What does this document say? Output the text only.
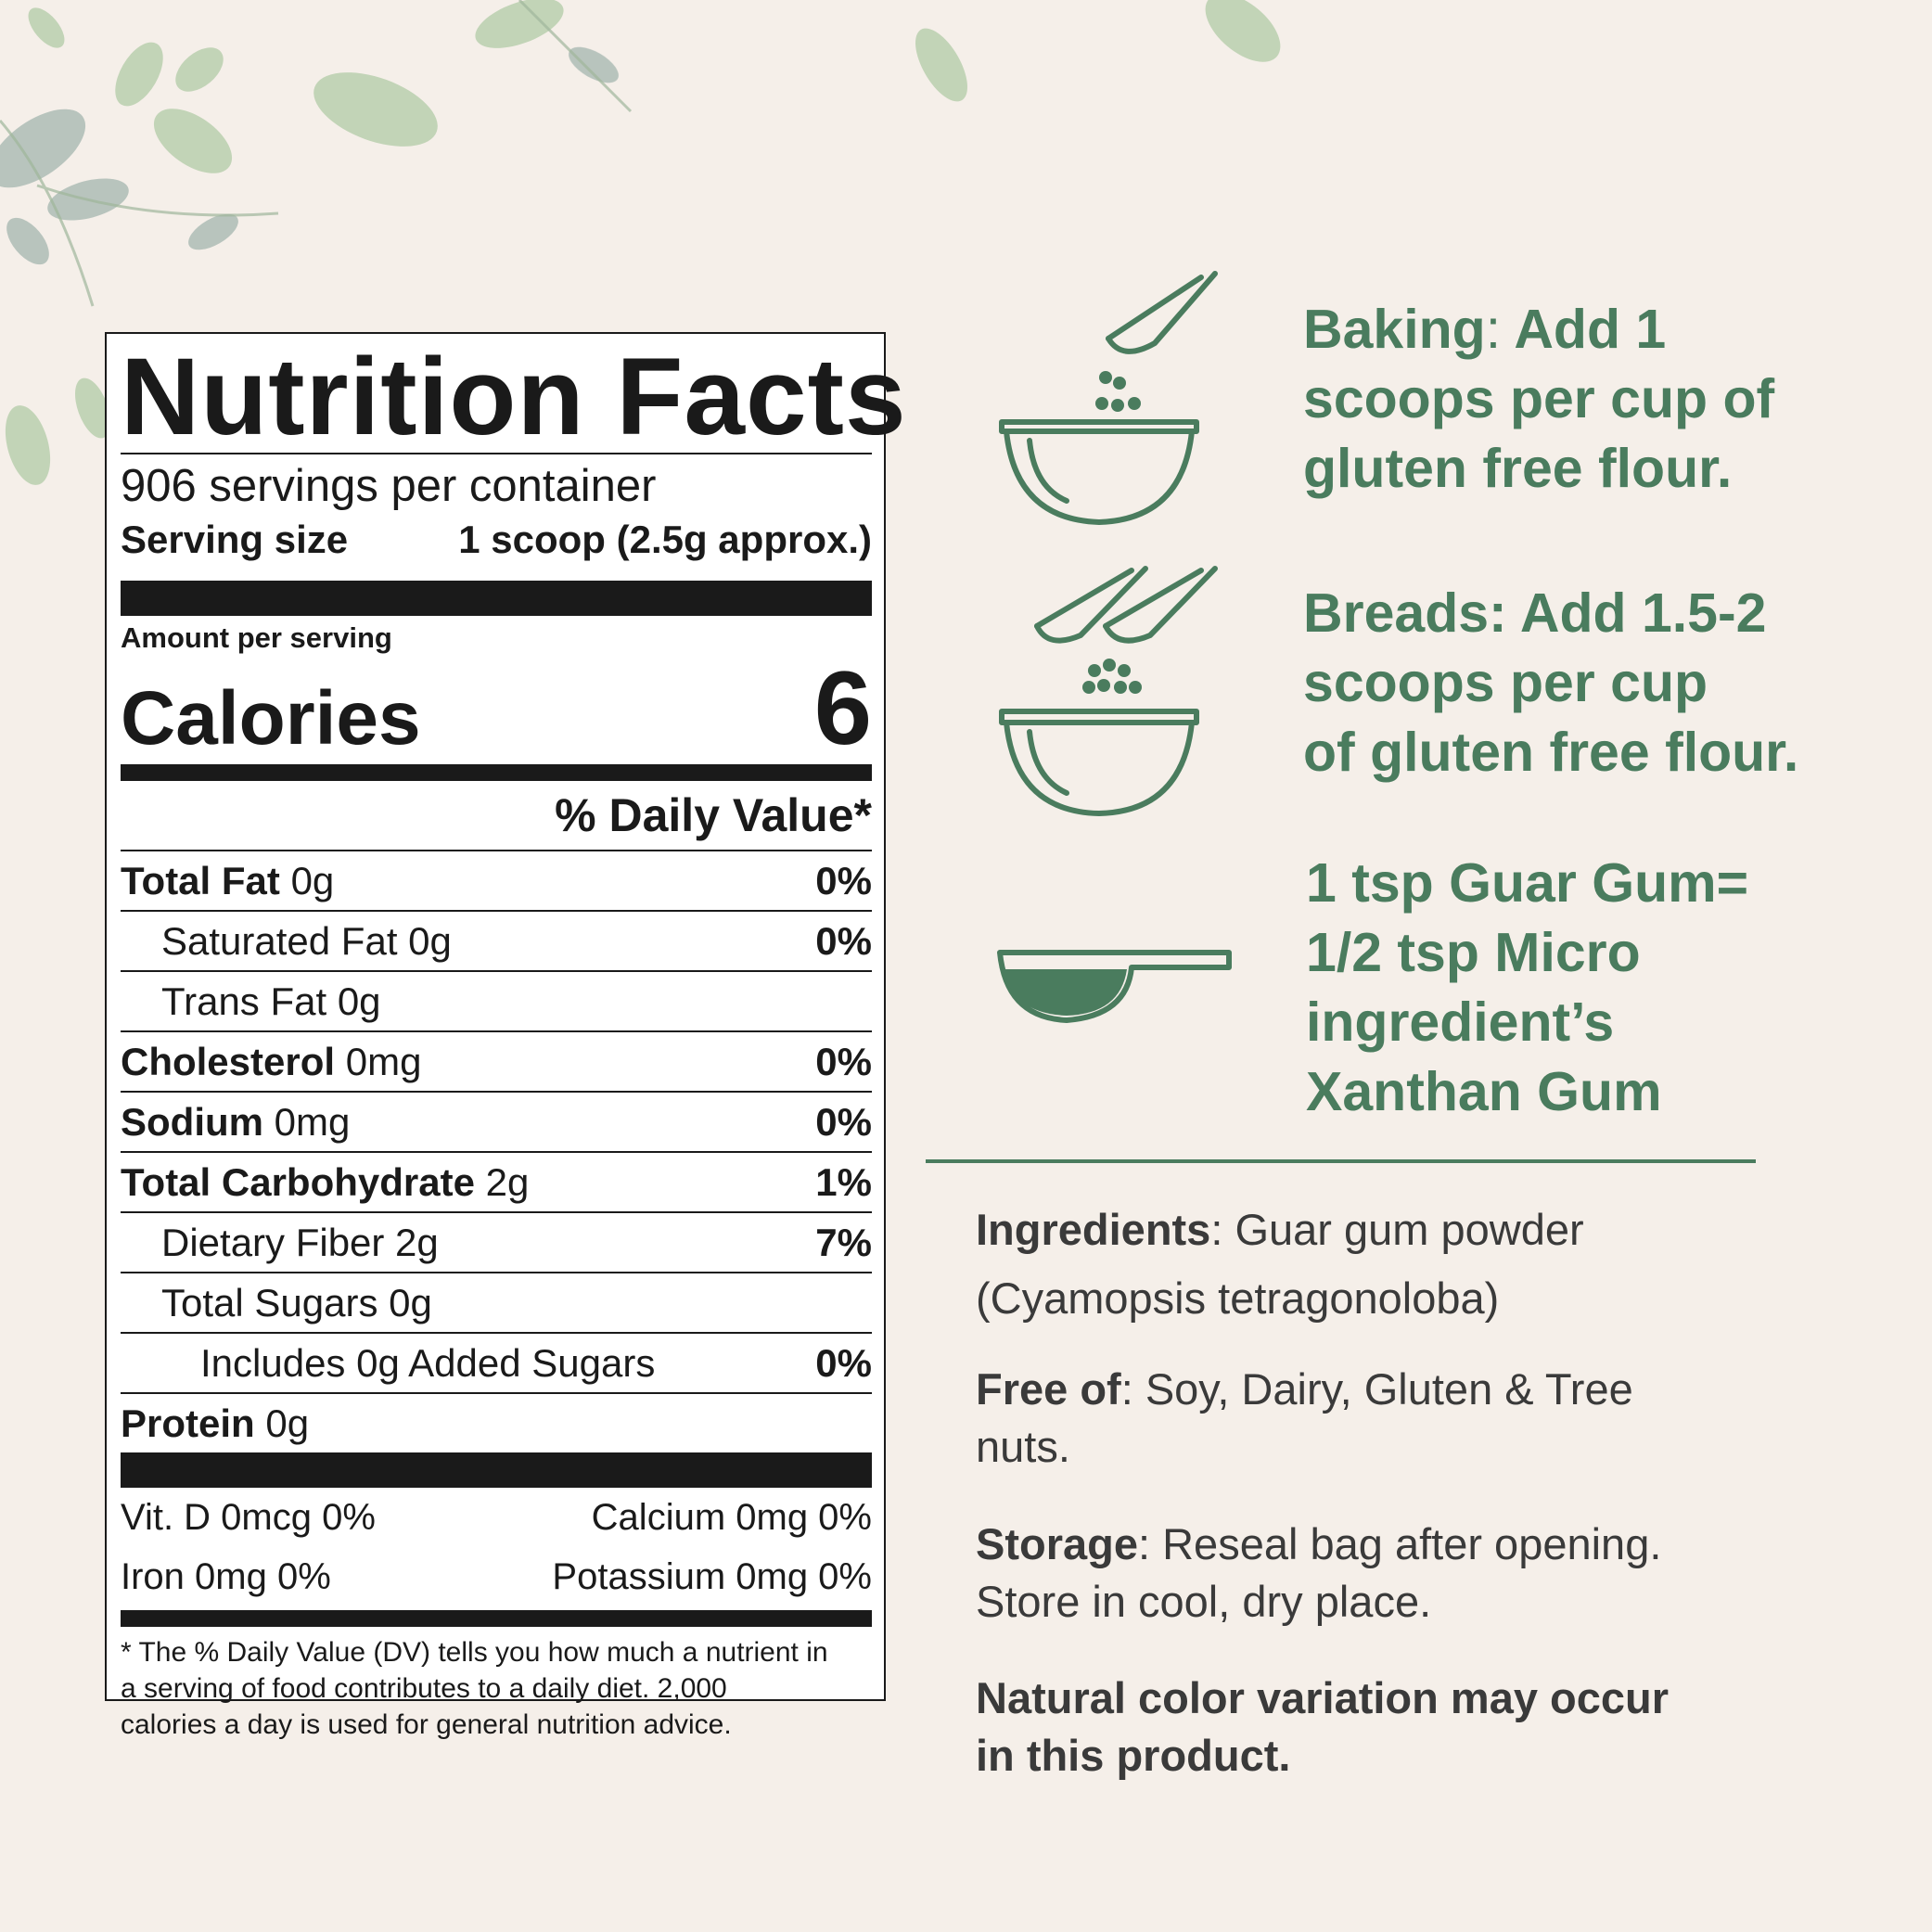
Nutrition Facts
906 servings per container
Serving size	1 scoop (2.5g approx.)
Amount per serving
Calories	6
% Daily Value*
Total Fat 0g	0%
Saturated Fat 0g	0%
Trans Fat 0g
Cholesterol 0mg	0%
Sodium 0mg	0%
Total Carbohydrate 2g	1%
Dietary Fiber 2g	7%
Total Sugars 0g
Includes 0g Added Sugars	0%
Protein 0g
Vit. D 0mcg 0%	Calcium 0mg 0%
Iron 0mg 0%	Potassium 0mg 0%
* The % Daily Value (DV) tells you how much a nutrient in
a serving of food contributes to a daily diet. 2,000
calories a day is used for general nutrition advice.
Baking: Add 1
scoops per cup of
gluten free flour.
Breads: Add 1.5-2
scoops per cup
of gluten free flour.
1 tsp Guar Gum=
1/2 tsp Micro
ingredient’s
Xanthan Gum
Ingredients: Guar gum powder
(Cyamopsis tetragonoloba)
Free of: Soy, Dairy, Gluten & Tree
nuts.
Storage: Reseal bag after opening.
Store in cool, dry place.
Natural color variation may occur
in this product.
